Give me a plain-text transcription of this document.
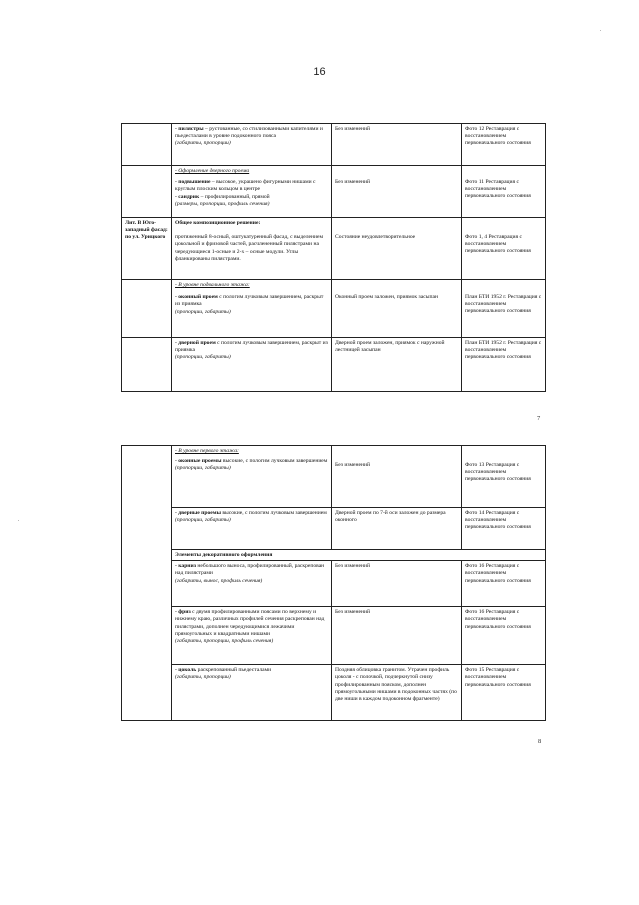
16
	- пилястры – рустованные, со стилизованными капителями и пьедесталами в уровне подоконного пояса
(габариты, пропорции)	Без изменений	Фото 12 Реставрация с восстановлением первоначального состояния

	- Оформление дверного проема
- подвышение – высокое, украшено фигурными нишами с круглым плоским кольцом в центре
- сандрик – профилированный, прямой
(размеры, пропорции, профиль сечения)	Без изменений	Фото 11 Реставрация с восстановлением первоначального состояния
Лит. В Юго-западный фасад: по ул. Урицкого	Общее композиционное решение:
протяженный 8-осный, оштукатуренный фасад, с выделением цокольной и фризовой частей, расчлененный пилястрами на чередующиеся 1-осные и 2-х – осные модули. Углы фланкированы пилястрами.	Состояние неудовлетворительное	Фото 1, 4 Реставрация с восстановлением первоначального состояния

	- В уровне подвального этажа:
- оконный проем с пологим лучковым завершением, раскрыт из приямка
(пропорции, габариты)	Оконный проем заложен, приямок засыпан	План БТИ 1952 г. Реставрация с восстановлением первоначального состояния
	- дверной проем с пологим лучковым завершением, раскрыт из приямка
(пропорции, габариты)	Дверной проем заложен, приямок с наружной лестницей засыпан	План БТИ 1952 г. Реставрация с восстановлением первоначального состояния
7

	- В уровне первого этажа:
- оконные проемы высокие, с пологим лучковым завершением
(пропорции, габариты)	Без изменений	Фото 13 Реставрация с восстановлением первоначального состояния
	- дверные проемы высокие, с пологим лучковым завершением
(пропорции, габариты)	Дверной проем по 7-й оси заложен до размера оконного	Фото 14 Реставрация с восстановлением первоначального состояния
	Элементы декоративного оформления		
	- карниз небольшого выноса, профилированный, раскрепован над пилястрами
(габариты, вынос, профиль сечения)	Без изменений	Фото 16 Реставрация с восстановлением первоначального состояния
	- фриз с двумя профилированными поясами по верхнему и нижнему краю, различных профилей сечения раскрепован над пилястрами, дополнен чередующимися лежачими прямоугольных и квадратными нишами
(габариты, пропорции, профиль сечения)	Без изменений	Фото 16 Реставрация с восстановлением первоначального состояния
	- цоколь раскрепованный пьедесталами
(габариты, пропорции)	Поздняя облицовка гранитом. Утрачен профиль цоколя - с полочкой, подчеркнутой снизу профилированным пояском, дополнен прямоугольными нишами в подоконных частях (по две ниши в каждом подоконном фрагменте)	Фото 15 Реставрация с восстановлением первоначального состояния
8
